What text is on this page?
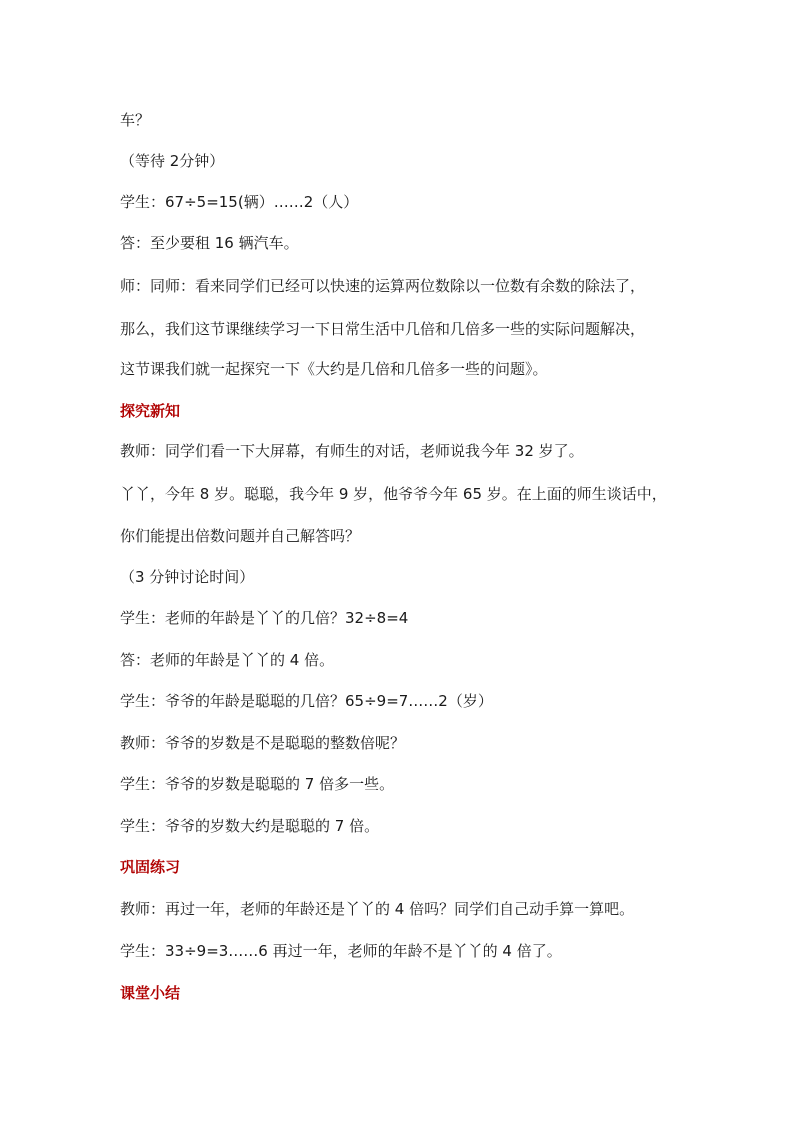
车？
（等待 2分钟）
学生：67÷5=15(辆）……2（人）
答：至少要租 16 辆汽车。
师：同师：看来同学们已经可以快速的运算两位数除以一位数有余数的除法了，
那么，我们这节课继续学习一下日常生活中几倍和几倍多一些的实际问题解决，
这节课我们就一起探究一下《大约是几倍和几倍多一些的问题》。
探究新知
教师：同学们看一下大屏幕，有师生的对话，老师说我今年 32 岁了。
丫丫，今年 8 岁。聪聪，我今年 9 岁，他爷爷今年 65 岁。在上面的师生谈话中，
你们能提出倍数问题并自己解答吗？
（3 分钟讨论时间）
学生：老师的年龄是丫丫的几倍？32÷8=4
答：老师的年龄是丫丫的 4 倍。
学生：爷爷的年龄是聪聪的几倍？65÷9=7……2（岁）
教师：爷爷的岁数是不是聪聪的整数倍呢？
学生：爷爷的岁数是聪聪的 7 倍多一些。
学生：爷爷的岁数大约是聪聪的 7 倍。
巩固练习
教师：再过一年，老师的年龄还是丫丫的 4 倍吗？同学们自己动手算一算吧。
学生：33÷9=3……6 再过一年，老师的年龄不是丫丫的 4 倍了。
课堂小结
